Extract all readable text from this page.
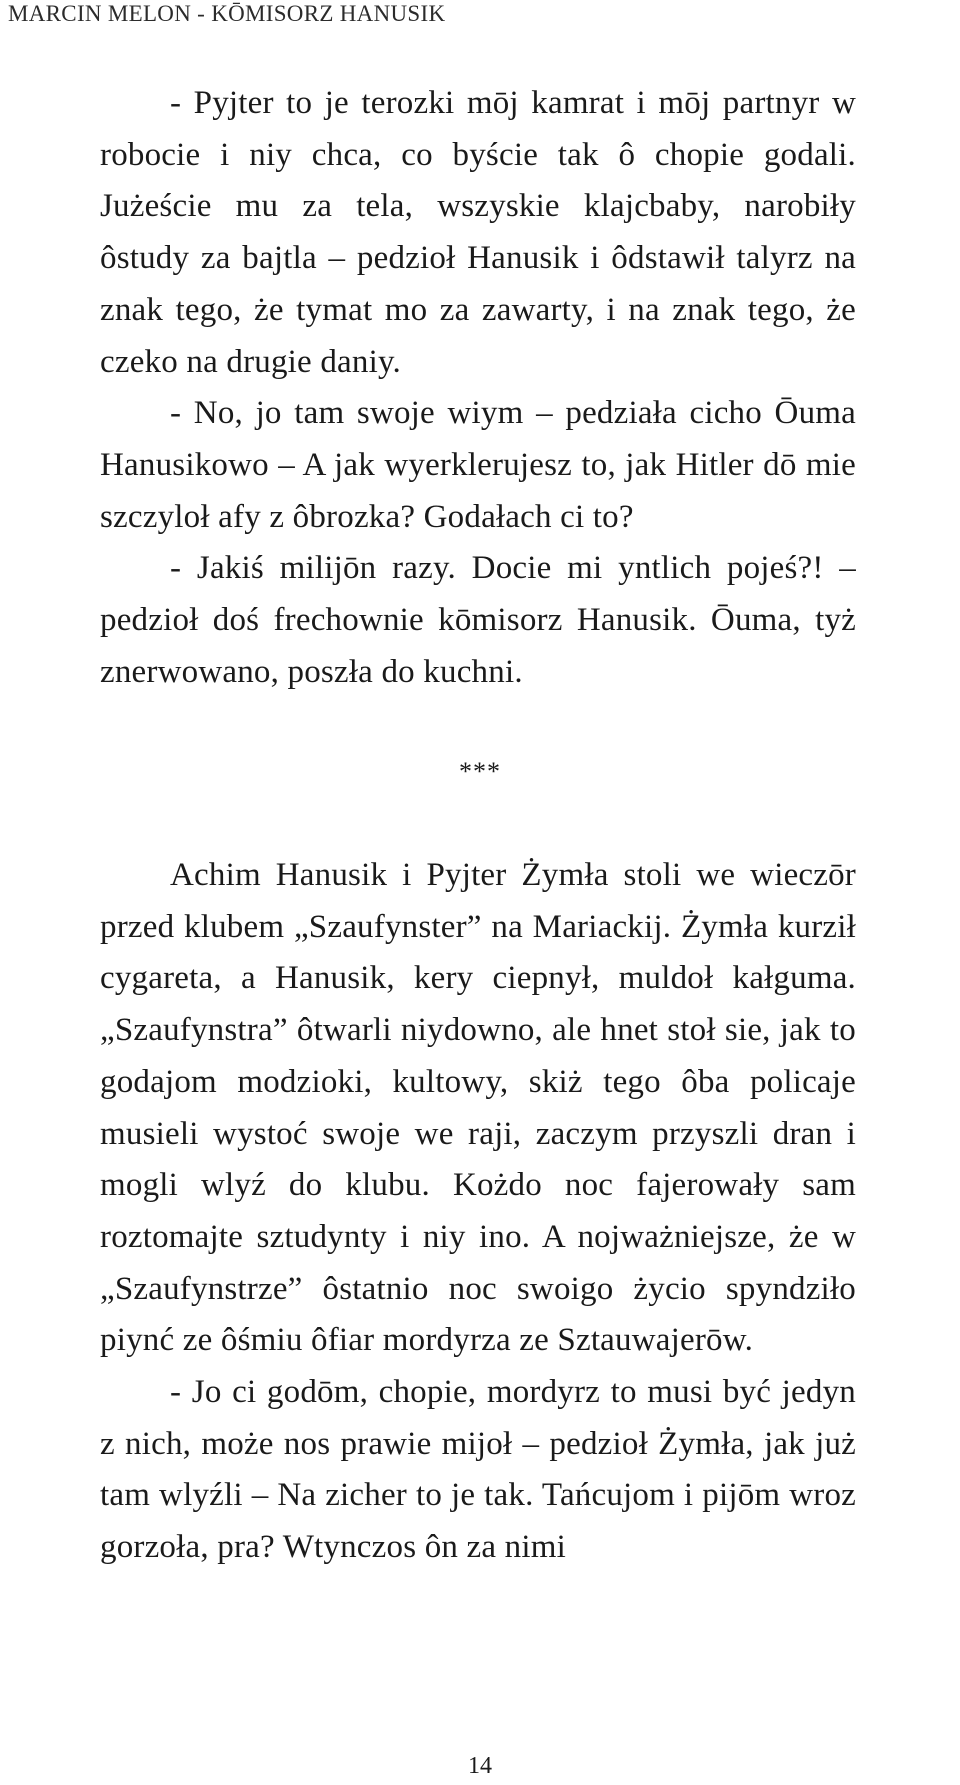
MARCIN MELON - KŌMISORZ HANUSIK

- Pyjter to je terozki mōj kamrat i mōj partnyr w robocie i niy chca, co byście tak ô chopie godali. Jużeście mu za tela, wszyskie klajcbaby, narobiły ôstudy za bajtla – pedzioł Hanusik i ôdstawił talyrz na znak tego, że tymat mo za zawarty, i na znak tego, że czeko na drugie daniy.

- No, jo tam swoje wiym – pedziała cicho Ōuma Hanusikowo – A jak wyerklerujesz to, jak Hitler dō mie szczyloł afy z ôbrozka? Godałach ci to?

- Jakiś milijōn razy. Docie mi yntlich pojeś?! – pedzioł doś frechownie kōmisorz Hanusik. Ōuma, tyż znerwowano, poszła do kuchni.

***

Achim Hanusik i Pyjter Żymła stoli we wieczōr przed klubem „Szaufynster” na Mariackij. Żymła kurził cygareta, a Hanusik, kery ciepnył, muldoł kałguma. „Szaufynstra” ôtwarli niydowno, ale hnet stoł sie, jak to godajom modzioki, kultowy, skiż tego ôba policaje musieli wystoć swoje we raji, zaczym przyszli dran i mogli wlyź do klubu. Kożdo noc fajerowały sam roztomajte sztudynty i niy ino. A nojważniejsze, że w „Szaufynstrze” ôstatnio noc swoigo życio spyndziło piynć ze ôśmiu ôfiar mordyrza ze Sztauwajerōw.

- Jo ci godōm, chopie, mordyrz to musi być jedyn z nich, może nos prawie mijoł – pedzioł Żymła, jak już tam wlyźli – Na zicher to je tak. Tańcujom i pijōm wroz gorzoła, pra? Wtynczos ôn za nimi

14
